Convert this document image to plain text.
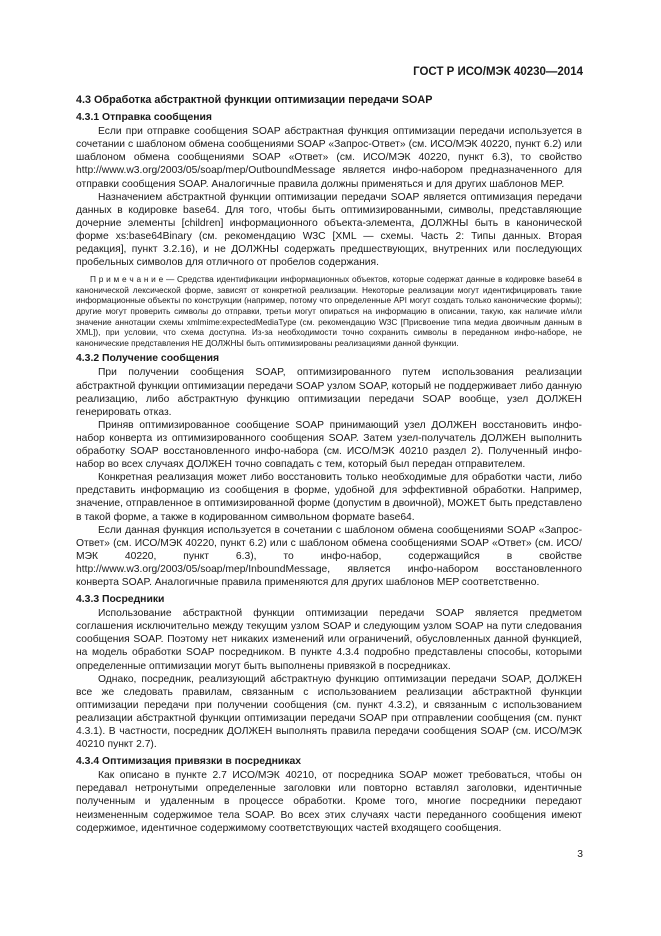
ГОСТ Р ИСО/МЭК 40230—2014
4.3 Обработка абстрактной функции оптимизации передачи SOAP
4.3.1 Отправка сообщения

Если при отправке сообщения SOAP абстрактная функция оптимизации передачи используется в сочетании с шаблоном обмена сообщениями SOAP «Запрос-Ответ» (см. ИСО/МЭК 40220, пункт 6.2) или шаблоном обмена сообщениями SOAP «Ответ» (см. ИСО/МЭК 40220, пункт 6.3), то свойство http://www.w3.org/2003/05/soap/mep/OutboundMessage является инфо-набором предназначенного для отправки сообщения SOAP. Аналогичные правила должны применяться и для других шаблонов MEP.

Назначением абстрактной функции оптимизации передачи SOAP является оптимизация передачи данных в кодировке base64. Для того, чтобы быть оптимизированными, символы, представляющие дочерние элементы [children] информационного объекта-элемента, ДОЛЖНЫ быть в канонической форме xs:base64Binary (см. рекомендацию W3C [XML — схемы. Часть 2: Типы данных. Вторая редакция], пункт 3.2.16), и не ДОЛЖНЫ содержать предшествующих, внутренних или последующих пробельных символов для отличного от пробелов содержания.

П р и м е ч а н и е — Средства идентификации информационных объектов, которые содержат данные в кодировке base64 в канонической лексической форме, зависят от конкретной реализации. Некоторые реализации могут идентифицировать такие информационные объекты по конструкции (например, потому что определенные API могут создать только канонические формы); другие могут проверить символы до отправки, третьи могут опираться на информацию в описании, такую, как наличие и/или значение аннотации схемы xmlmime:expectedMediaType (см. рекомендацию W3C [Присвоение типа медиа двоичным данным в XML]), при условии, что схема доступна. Из-за необходимости точно сохранить символы в переданном инфо-наборе, не канонические представления НЕ ДОЛЖНЫ быть оптимизированы реализациями данной функции.

4.3.2 Получение сообщения

При получении сообщения SOAP, оптимизированного путем использования реализации абстрактной функции оптимизации передачи SOAP узлом SOAP, который не поддерживает либо данную реализацию, либо абстрактную функцию оптимизации передачи SOAP вообще, узел ДОЛЖЕН генерировать отказ.

Приняв оптимизированное сообщение SOAP принимающий узел ДОЛЖЕН восстановить инфо-набор конверта из оптимизированного сообщения SOAP. Затем узел-получатель ДОЛЖЕН выполнить обработку SOAP восстановленного инфо-набора (см. ИСО/МЭК 40210 раздел 2). Полученный инфо-набор во всех случаях ДОЛЖЕН точно совпадать с тем, который был передан отправителем.

Конкретная реализация может либо восстановить только необходимые для обработки части, либо представить информацию из сообщения в форме, удобной для эффективной обработки. Например, значение, отправленное в оптимизированной форме (допустим в двоичной), МОЖЕТ быть представлено в такой форме, а также в кодированном символьном формате base64.

Если данная функция используется в сочетании с шаблоном обмена сообщениями SOAP «Запрос-Ответ» (см. ИСО/МЭК 40220, пункт 6.2) или с шаблоном обмена сообщениями SOAP «Ответ» (см. ИСО/МЭК 40220, пункт 6.3), то инфо-набор, содержащийся в свойстве http://www.w3.org/2003/05/soap/mep/InboundMessage, является инфо-набором восстановленного конверта SOAP. Аналогичные правила применяются для других шаблонов MEP соответственно.

4.3.3 Посредники

Использование абстрактной функции оптимизации передачи SOAP является предметом соглашения исключительно между текущим узлом SOAP и следующим узлом SOAP на пути следования сообщения SOAP. Поэтому нет никаких изменений или ограничений, обусловленных данной функцией, на модель обработки SOAP посредником. В пункте 4.3.4 подробно представлены способы, которыми определенные оптимизации могут быть выполнены привязкой в посредниках.

Однако, посредник, реализующий абстрактную функцию оптимизации передачи SOAP, ДОЛЖЕН все же следовать правилам, связанным с использованием реализации абстрактной функции оптимизации передачи при получении сообщения (см. пункт 4.3.2), и связанным с использованием реализации абстрактной функции оптимизации передачи SOAP при отправлении сообщения (см. пункт 4.3.1). В частности, посредник ДОЛЖЕН выполнять правила передачи сообщения SOAP (см. ИСО/МЭК 40210 пункт 2.7).

4.3.4 Оптимизация привязки в посредниках

Как описано в пункте 2.7 ИСО/МЭК 40210, от посредника SOAP может требоваться, чтобы он передавал нетронутыми определенные заголовки или повторно вставлял заголовки, идентичные полученным и удаленным в процессе обработки. Кроме того, многие посредники передают неизмененным содержимое тела SOAP. Во всех этих случаях части переданного сообщения имеют содержимое, идентичное содержимому соответствующих частей входящего сообщения.

3
